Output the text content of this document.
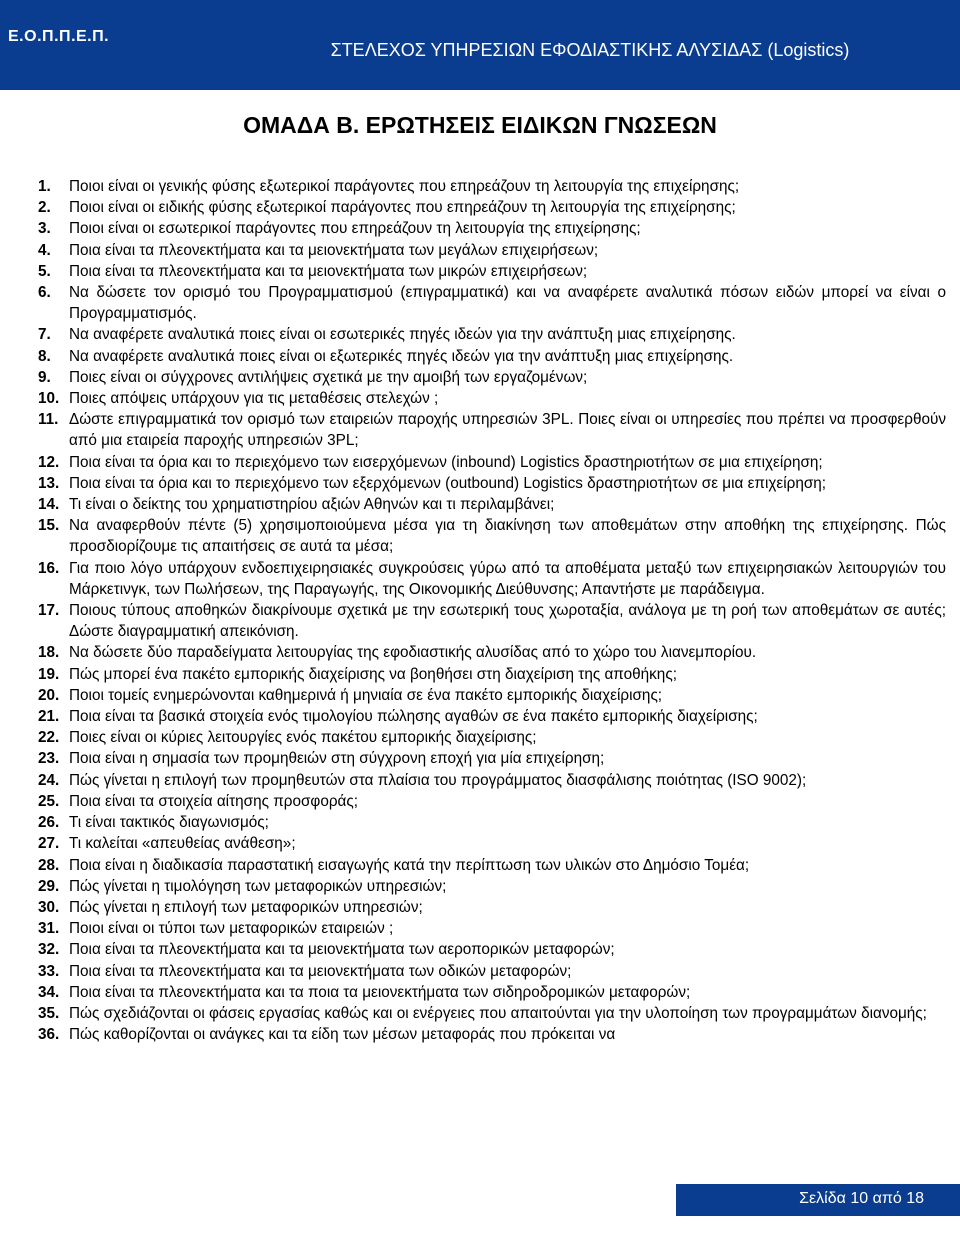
Ε.Ο.Π.Π.Ε.Π.
ΣΤΕΛΕΧΟΣ ΥΠΗΡΕΣΙΩΝ ΕΦΟΔΙΑΣΤΙΚΗΣ ΑΛΥΣΙΔΑΣ (Logistics)
ΟΜΑΔΑ Β. ΕΡΩΤΗΣΕΙΣ ΕΙΔΙΚΩΝ ΓΝΩΣΕΩΝ
1.	Ποιοι είναι οι γενικής φύσης εξωτερικοί παράγοντες που επηρεάζουν τη λειτουργία της επιχείρησης;
2.	Ποιοι είναι οι ειδικής φύσης εξωτερικοί παράγοντες που επηρεάζουν τη λειτουργία της επιχείρησης;
3.	Ποιοι είναι οι εσωτερικοί παράγοντες που επηρεάζουν τη λειτουργία της επιχείρησης;
4.	Ποια είναι τα πλεονεκτήματα και τα μειονεκτήματα των μεγάλων επιχειρήσεων;
5.	Ποια είναι τα πλεονεκτήματα και τα μειονεκτήματα των μικρών επιχειρήσεων;
6.	Να δώσετε τον ορισμό του Προγραμματισμού (επιγραμματικά) και να αναφέρετε αναλυτικά πόσων ειδών μπορεί να είναι ο Προγραμματισμός.
7.	Να αναφέρετε αναλυτικά ποιες είναι οι εσωτερικές πηγές ιδεών για την ανάπτυξη μιας επιχείρησης.
8.	Να αναφέρετε αναλυτικά ποιες είναι οι εξωτερικές πηγές ιδεών για την ανάπτυξη μιας επιχείρησης.
9.	Ποιες είναι οι σύγχρονες αντιλήψεις σχετικά με την αμοιβή των εργαζομένων;
10. Ποιες απόψεις υπάρχουν για τις μεταθέσεις στελεχών ;
11. Δώστε επιγραμματικά τον ορισμό των εταιρειών παροχής υπηρεσιών 3PL. Ποιες είναι οι υπηρεσίες που πρέπει να προσφερθούν από μια εταιρεία παροχής υπηρεσιών 3PL;
12. Ποια είναι τα όρια και το περιεχόμενο των εισερχόμενων (inbound) Logistics δραστηριοτήτων σε μια επιχείρηση;
13. Ποια είναι τα όρια και το περιεχόμενο των εξερχόμενων (outbound) Logistics δραστηριοτήτων σε μια επιχείρηση;
14. Τι είναι ο δείκτης του χρηματιστηρίου αξιών Αθηνών και τι περιλαμβάνει;
15. Να αναφερθούν πέντε (5) χρησιμοποιούμενα μέσα για τη διακίνηση των αποθεμάτων στην αποθήκη της επιχείρησης. Πώς προσδιορίζουμε τις απαιτήσεις σε αυτά τα μέσα;
16. Για ποιο λόγο υπάρχουν ενδοεπιχειρησιακές συγκρούσεις γύρω από τα αποθέματα μεταξύ των επιχειρησιακών λειτουργιών του Μάρκετινγκ, των Πωλήσεων, της Παραγωγής, της Οικονομικής Διεύθυνσης; Απαντήστε με παράδειγμα.
17. Ποιους τύπους αποθηκών διακρίνουμε σχετικά με την εσωτερική τους χωροταξία, ανάλογα με τη ροή των αποθεμάτων σε αυτές; Δώστε διαγραμματική απεικόνιση.
18. Να δώσετε δύο παραδείγματα λειτουργίας της εφοδιαστικής αλυσίδας από το χώρο του λιανεμπορίου.
19. Πώς μπορεί ένα πακέτο εμπορικής διαχείρισης να βοηθήσει στη διαχείριση της αποθήκης;
20. Ποιοι τομείς ενημερώνονται καθημερινά ή μηνιαία σε ένα πακέτο εμπορικής διαχείρισης;
21. Ποια είναι τα βασικά στοιχεία ενός τιμολογίου πώλησης αγαθών σε ένα πακέτο εμπορικής διαχείρισης;
22. Ποιες είναι οι κύριες λειτουργίες ενός πακέτου εμπορικής διαχείρισης;
23. Ποια είναι η σημασία των προμηθειών στη σύγχρονη εποχή για μία επιχείρηση;
24. Πώς γίνεται η επιλογή των προμηθευτών στα πλαίσια του προγράμματος διασφάλισης ποιότητας (ISO 9002);
25. Ποια είναι τα στοιχεία αίτησης προσφοράς;
26. Τι είναι τακτικός διαγωνισμός;
27. Τι καλείται «απευθείας ανάθεση»;
28. Ποια είναι η διαδικασία παραστατική εισαγωγής κατά την περίπτωση των υλικών στο Δημόσιο Τομέα;
29. Πώς γίνεται η τιμολόγηση των μεταφορικών υπηρεσιών;
30. Πώς γίνεται η επιλογή των μεταφορικών υπηρεσιών;
31. Ποιοι είναι οι τύποι των μεταφορικών εταιρειών ;
32. Ποια είναι τα πλεονεκτήματα και τα μειονεκτήματα των αεροπορικών μεταφορών;
33. Ποια είναι τα πλεονεκτήματα και τα μειονεκτήματα των οδικών μεταφορών;
34. Ποια είναι τα πλεονεκτήματα και τα ποια τα μειονεκτήματα των σιδηροδρομικών μεταφορών;
35. Πώς σχεδιάζονται οι φάσεις εργασίας καθώς και οι ενέργειες που απαιτούνται για την υλοποίηση των προγραμμάτων διανομής;
36. Πώς καθορίζονται οι ανάγκες και τα είδη των μέσων μεταφοράς που πρόκειται να
Σελίδα 10 από 18
